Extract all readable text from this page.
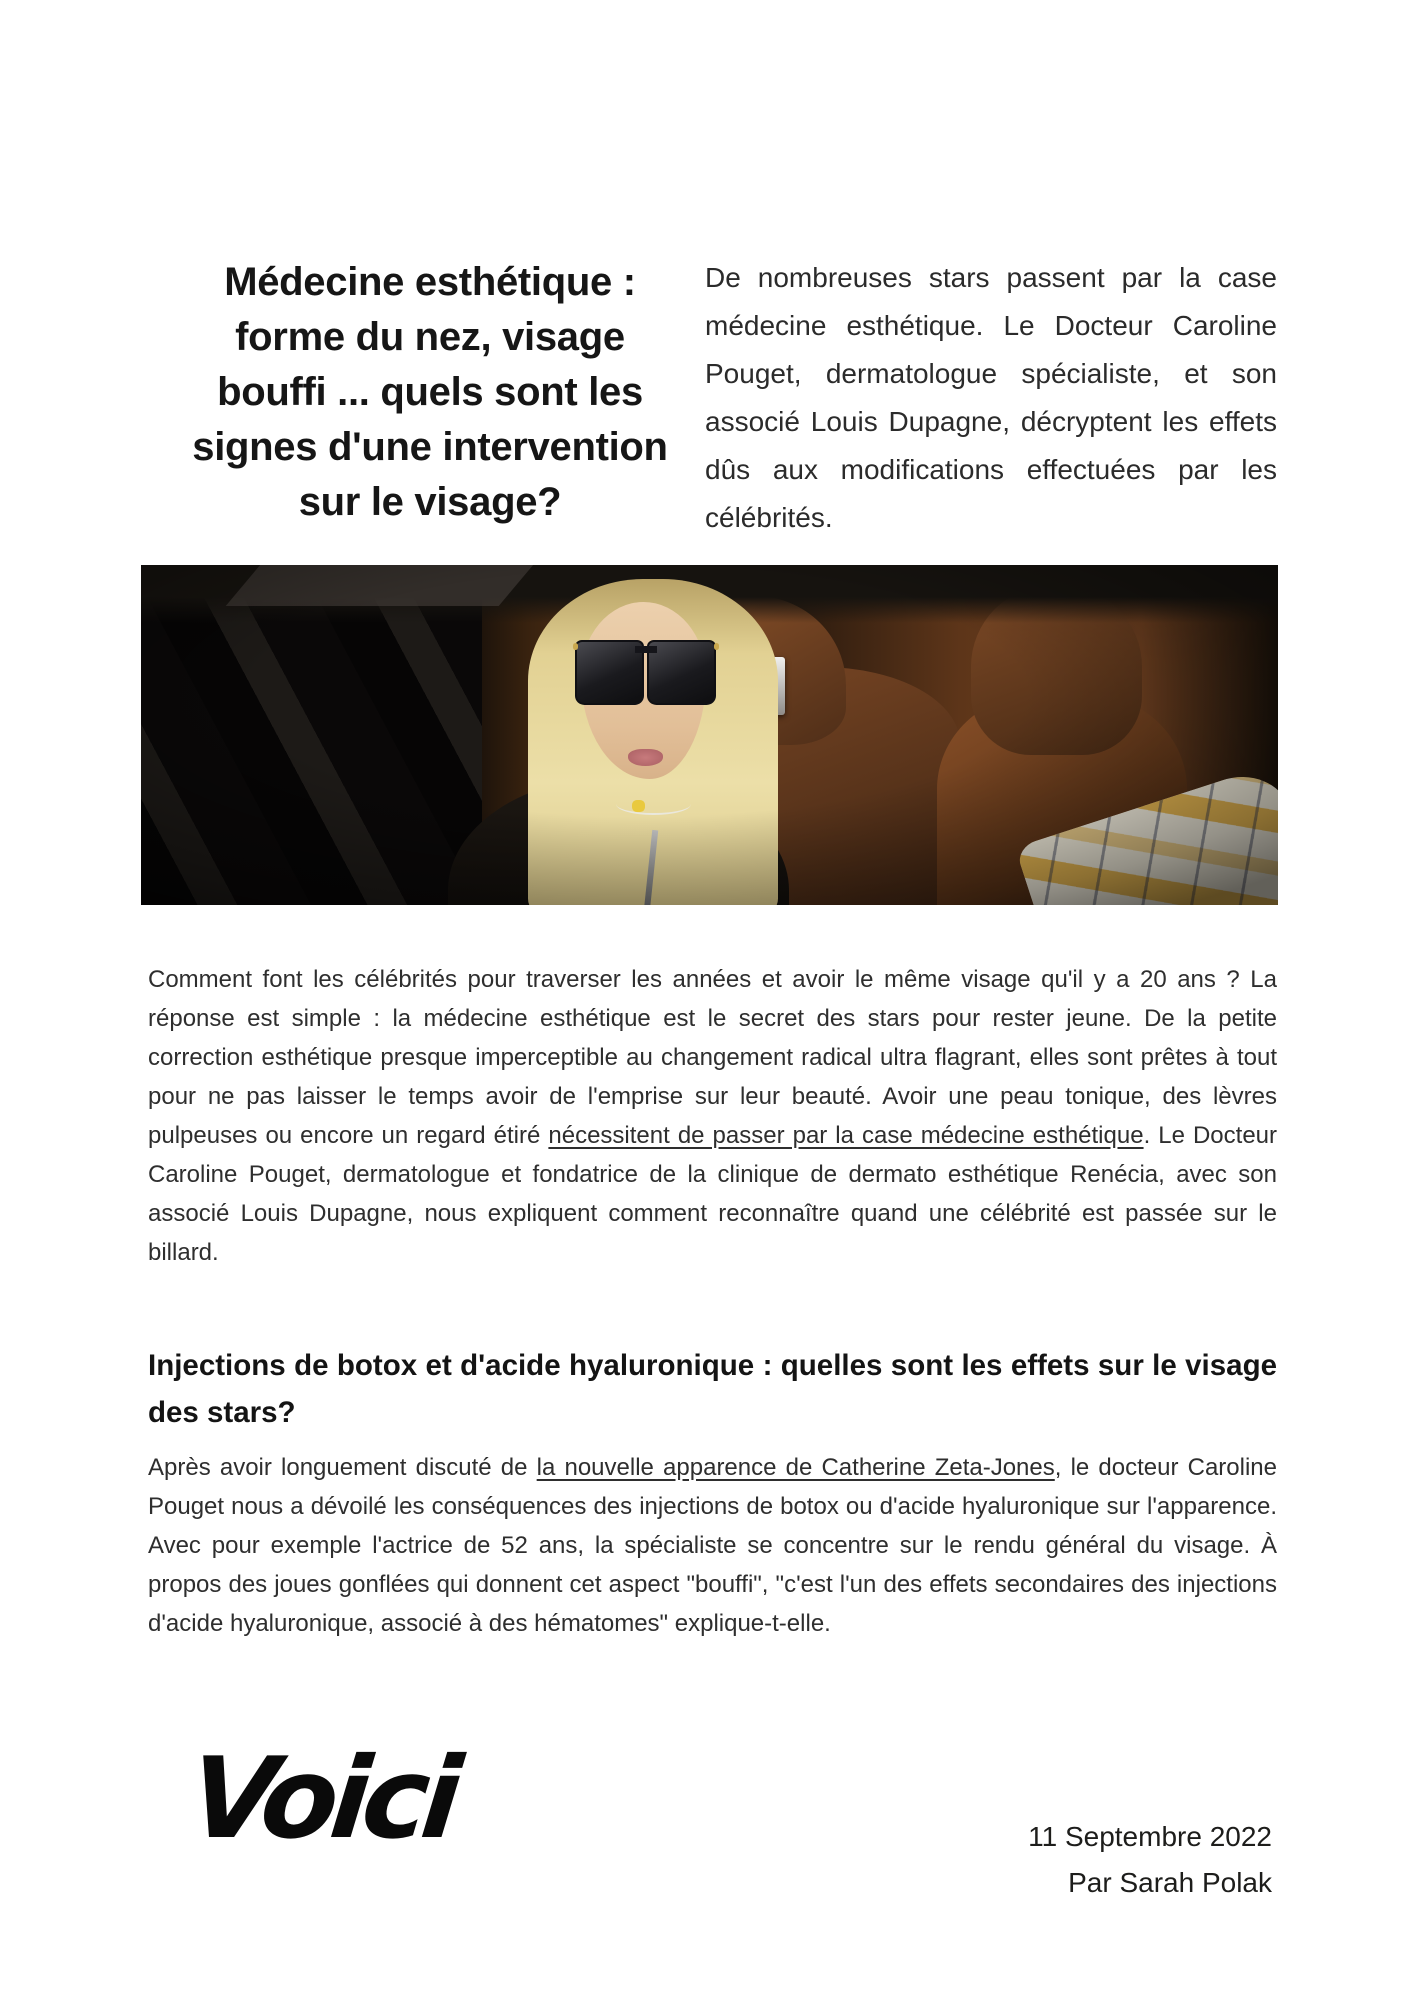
Médecine esthétique :
forme du nez, visage
bouffi ... quels sont les
signes d'une intervention
sur le visage?

De nombreuses stars passent par la case médecine esthétique. Le Docteur Caroline Pouget, dermatologue spécialiste, et son associé Louis Dupagne, décryptent les effets dûs aux modifications effectuées par les célébrités.

Comment font les célébrités pour traverser les années et avoir le même visage qu'il y a 20 ans ? La réponse est simple : la médecine esthétique est le secret des stars pour rester jeune. De la petite correction esthétique presque imperceptible au changement radical ultra flagrant, elles sont prêtes à tout pour ne pas laisser le temps avoir de l'emprise sur leur beauté. Avoir une peau tonique, des lèvres pulpeuses ou encore un regard étiré nécessitent de passer par la case médecine esthétique. Le Docteur Caroline Pouget, dermatologue et fondatrice de la clinique de dermato esthétique Renécia, avec son associé Louis Dupagne, nous expliquent comment reconnaître quand une célébrité est passée sur le billard.

Injections de botox et d'acide hyaluronique : quelles sont les effets sur le visage des stars?

Après avoir longuement discuté de la nouvelle apparence de Catherine Zeta-Jones, le docteur Caroline Pouget nous a dévoilé les conséquences des injections de botox ou d'acide hyaluronique sur l'apparence. Avec pour exemple l'actrice de 52 ans, la spécialiste se concentre sur le rendu général du visage. À propos des joues gonflées qui donnent cet aspect "bouffi", "c'est l'un des effets secondaires des injections d'acide hyaluronique, associé à des hématomes" explique-t-elle.

Voici	11 Septembre 2022
Par Sarah Polak
